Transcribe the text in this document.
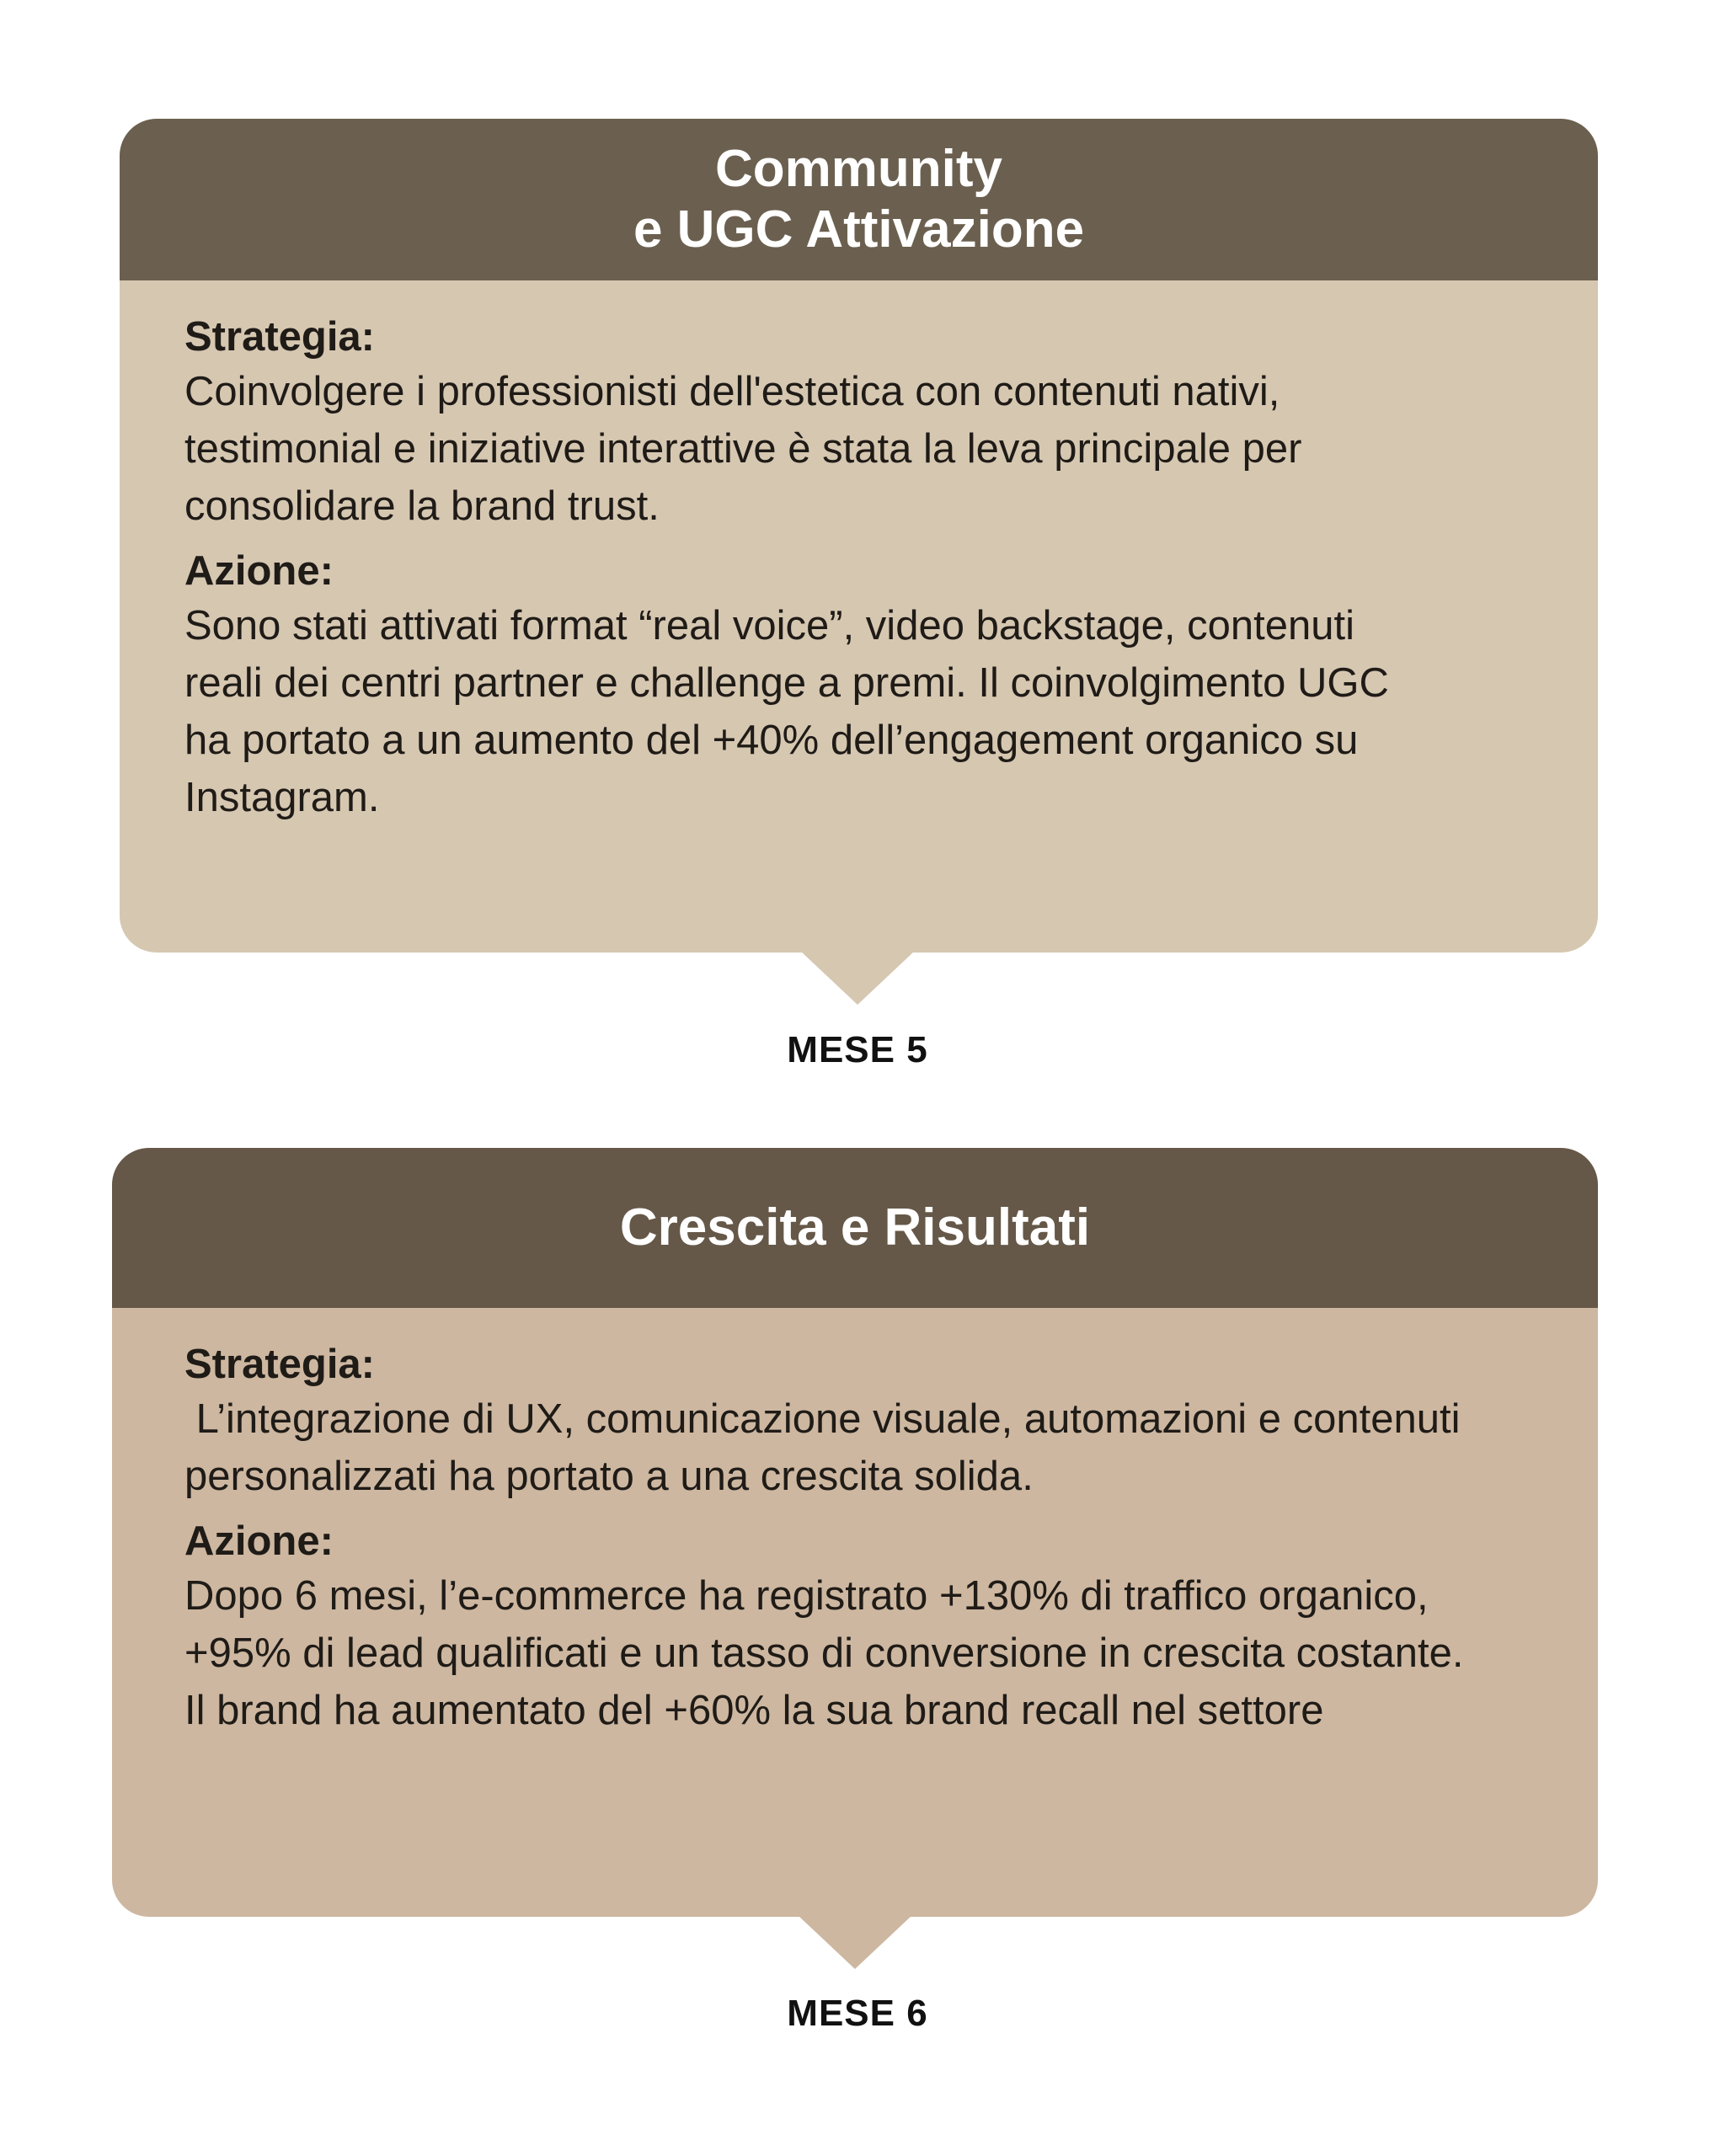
Community
e UGC Attivazione
Strategia:
Coinvolgere i professionisti dell'estetica con contenuti nativi,
testimonial e iniziative interattive è stata la leva principale per
consolidare la brand trust.
Azione:
Sono stati attivati format “real voice”, video backstage, contenuti
reali dei centri partner e challenge a premi. Il coinvolgimento UGC
ha portato a un aumento del +40% dell’engagement organico su
Instagram.
MESE 5
Crescita e Risultati
Strategia:
L’integrazione di UX, comunicazione visuale, automazioni e contenuti
personalizzati ha portato a una crescita solida.
Azione:
Dopo 6 mesi, l’e-commerce ha registrato +130% di traffico organico,
+95% di lead qualificati e un tasso di conversione in crescita costante.
Il brand ha aumentato del +60% la sua brand recall nel settore
MESE 6
